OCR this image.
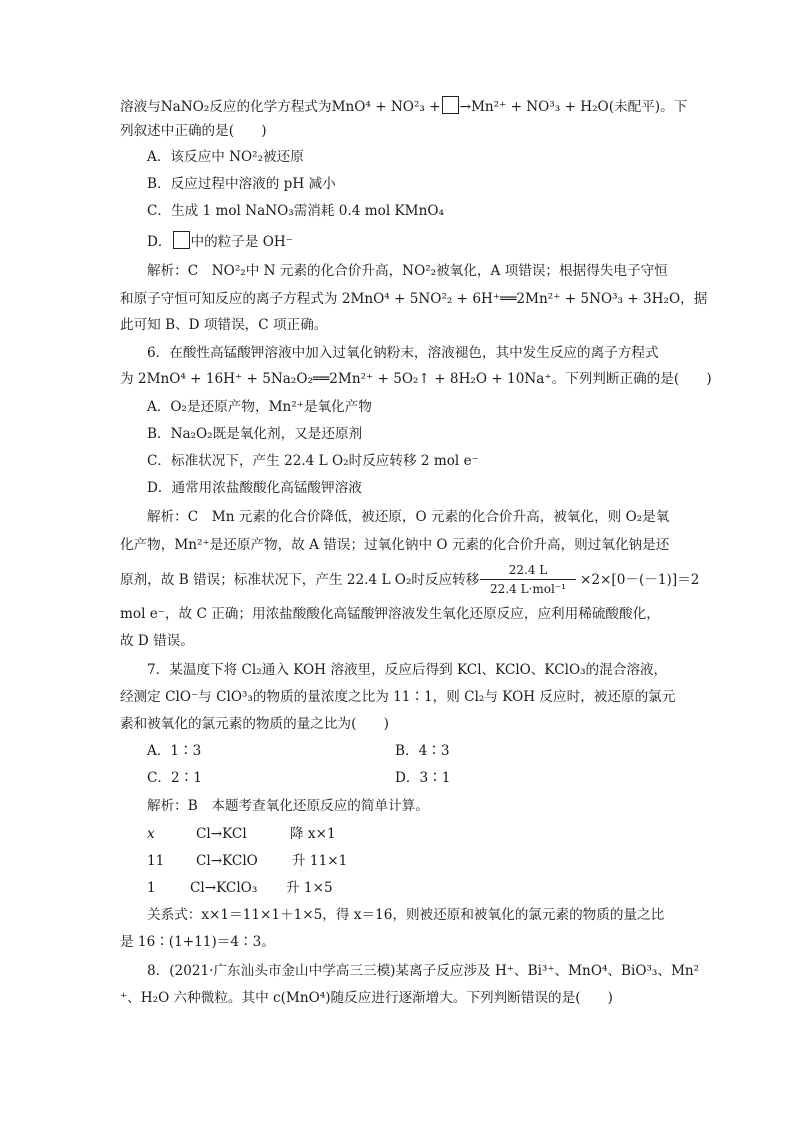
溶液与NaNO₂反应的化学方程式为MnO⁴ + NO²₃ + →Mn²⁺ + NO³₃ + H₂O(未配平)。下
列叙述中正确的是(　　)
A．该反应中 NO²₂被还原
B．反应过程中溶液的 pH 减小
C．生成 1 mol NaNO₃需消耗 0.4 mol KMnO₄
D． 中的粒子是 OH⁻
解析：C　NO²₂中 N 元素的化合价升高，NO²₂被氧化，A 项错误；根据得失电子守恒
和原子守恒可知反应的离子方程式为 2MnO⁴ + 5NO²₂ + 6H⁺══2Mn²⁺ + 5NO³₃ + 3H₂O，据
此可知 B、D 项错误，C 项正确。
6．在酸性高锰酸钾溶液中加入过氧化钠粉末，溶液褪色，其中发生反应的离子方程式
为 2MnO⁴ + 16H⁺ + 5Na₂O₂══2Mn²⁺ + 5O₂↑ + 8H₂O + 10Na⁺。下列判断正确的是(　　)
A．O₂是还原产物，Mn²⁺是氧化产物
B．Na₂O₂既是氧化剂，又是还原剂
C．标准状况下，产生 22.4 L O₂时反应转移 2 mol e⁻
D．通常用浓盐酸酸化高锰酸钾溶液
解析：C　Mn 元素的化合价降低，被还原，O 元素的化合价升高，被氧化，则 O₂是氧
化产物，Mn²⁺是还原产物，故 A 错误；过氧化钠中 O 元素的化合价升高，则过氧化钠是还
原剂，故 B 错误；标准状况下，产生 22.4 L O₂时反应转移
22.4 L
22.4 L·mol⁻¹
×2×[0－(－1)]＝2
mol e⁻，故 C 正确；用浓盐酸酸化高锰酸钾溶液发生氧化还原反应，应利用稀硫酸酸化，
故 D 错误。
7．某温度下将 Cl₂通入 KOH 溶液里，反应后得到 KCl、KClO、KClO₃的混合溶液，
经测定 ClO⁻与 ClO³₃的物质的量浓度之比为 11∶1，则 Cl₂与 KOH 反应时，被还原的氯元
素和被氧化的氯元素的物质的量之比为(　　)
A．1∶3	B．4∶3
C．2∶1	D．3∶1
解析：B　本题考查氧化还原反应的简单计算。
x	Cl→KCl	降 x×1
11 Cl→KClO	升 11×1
1	Cl→KClO₃ 升 1×5
关系式：x×1＝11×1＋1×5，得 x＝16，则被还原和被氧化的氯元素的物质的量之比
是 16∶(1+11)＝4∶3。
8．(2021·广东汕头市金山中学高三三模)某离子反应涉及 H⁺、Bi³⁺、MnO⁴、BiO³₃、Mn²
⁺、H₂O 六种微粒。其中 c(MnO⁴)随反应进行逐渐增大。下列判断错误的是(　　)
